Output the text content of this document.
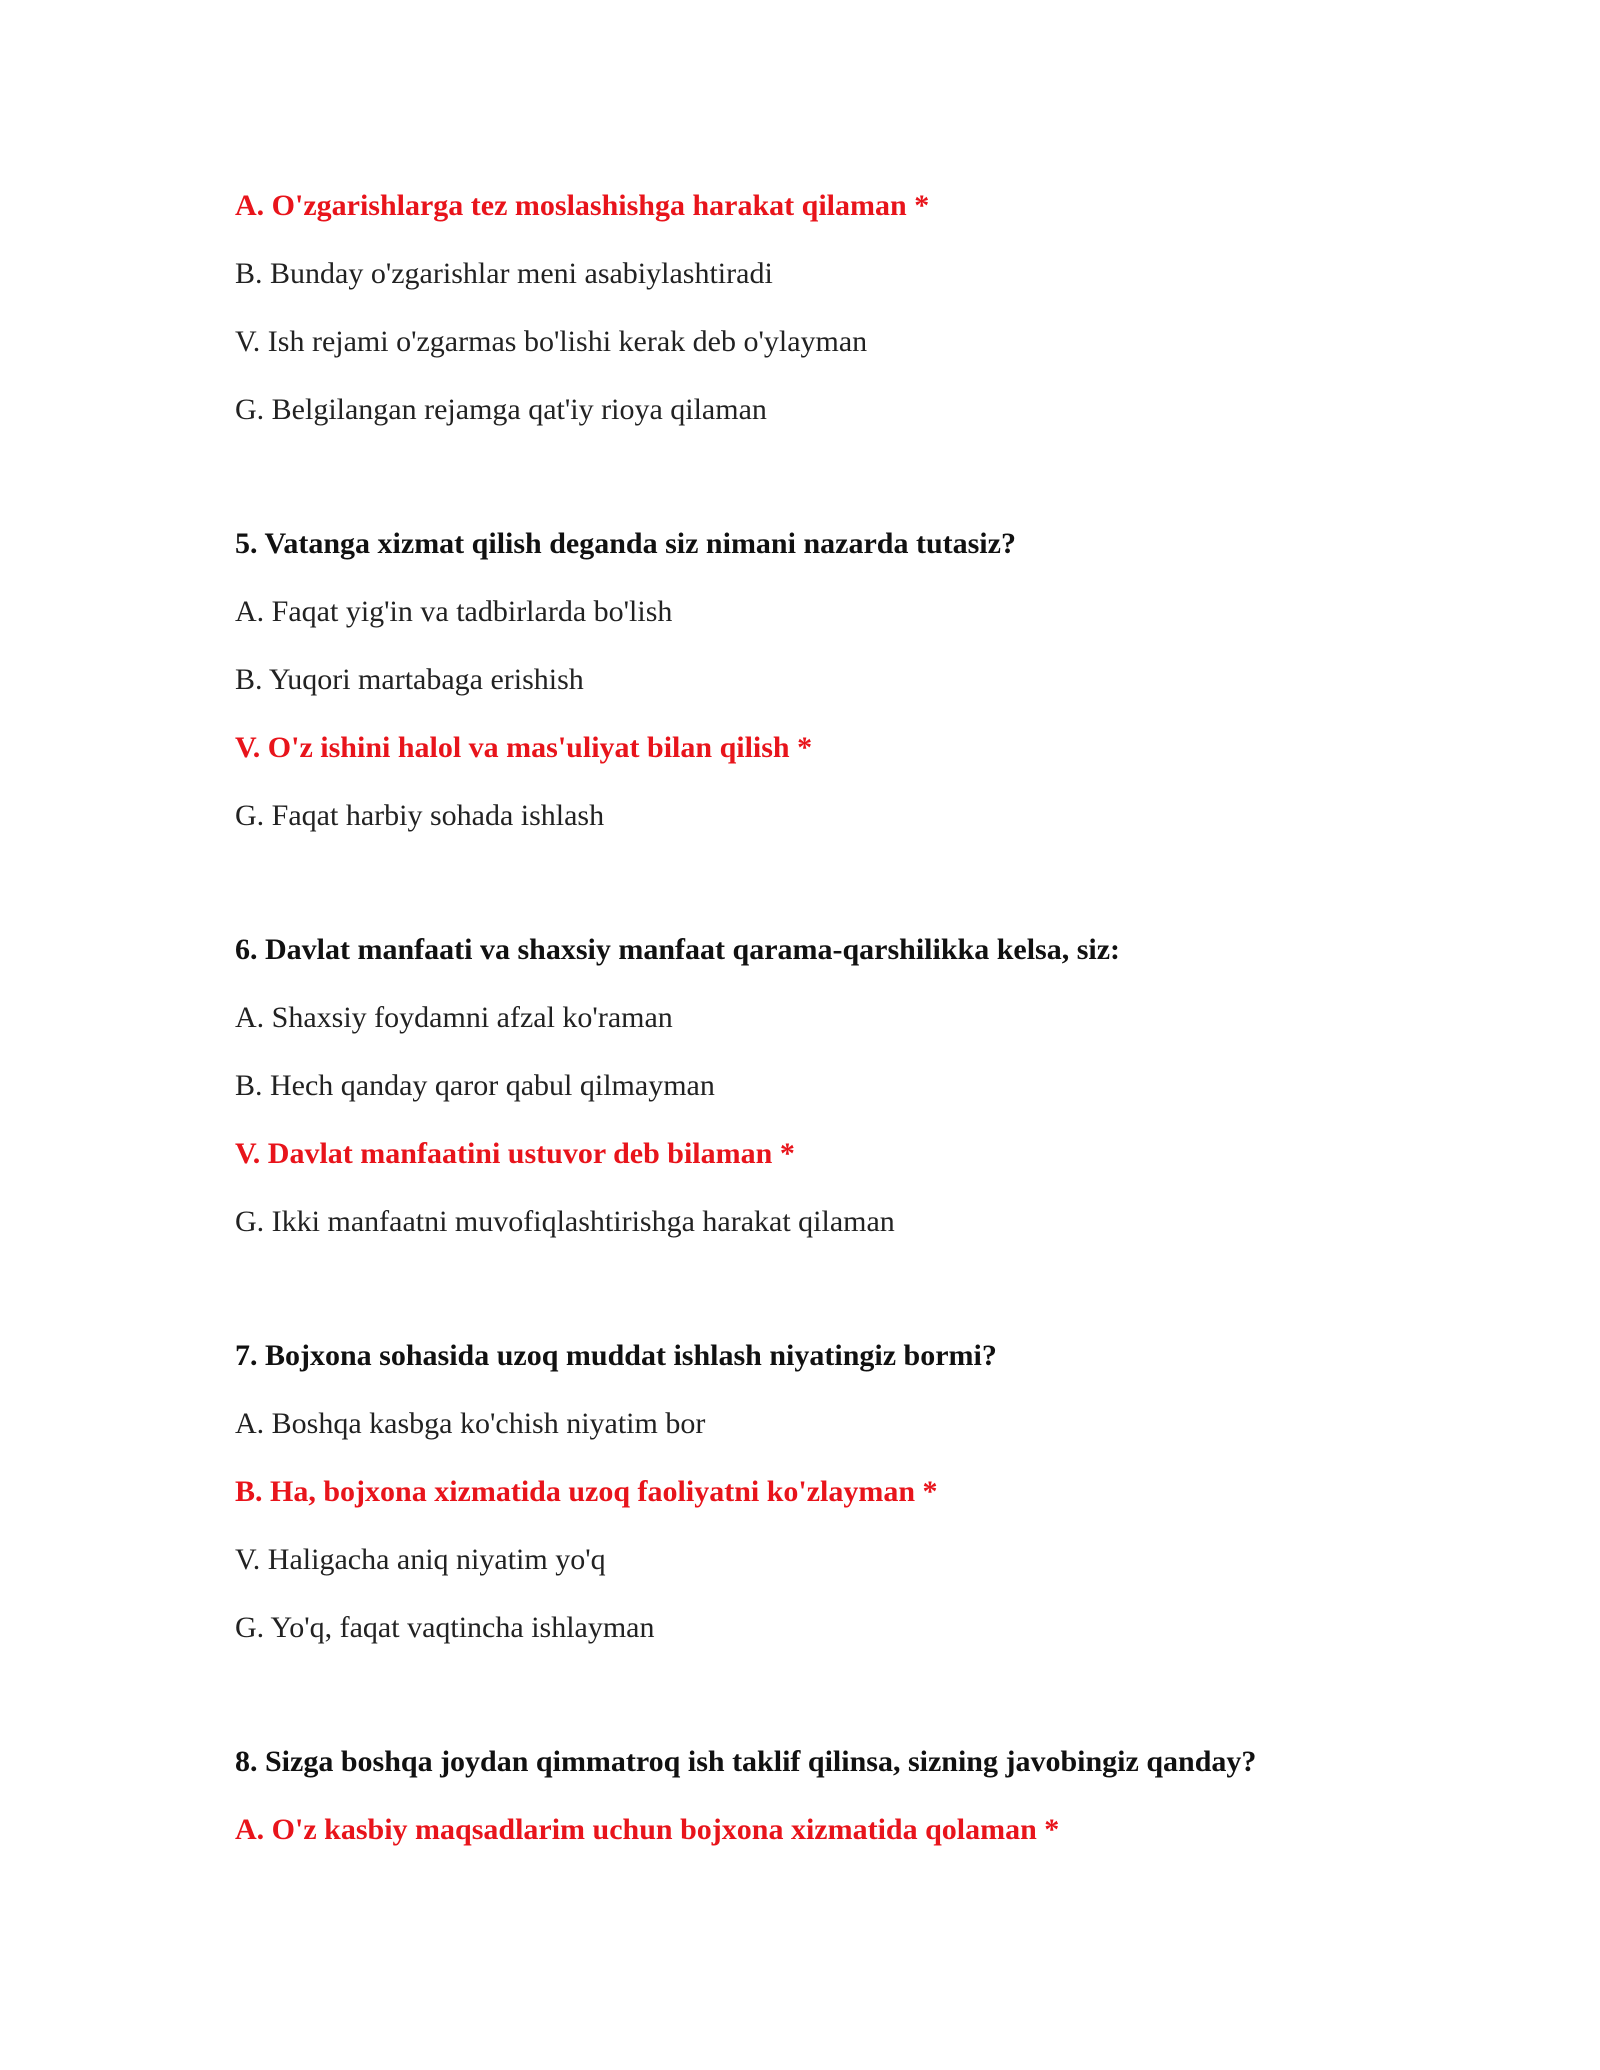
A. O'zgarishlarga tez moslashishga harakat qilaman *
B. Bunday o'zgarishlar meni asabiylashtiradi
V. Ish rejami o'zgarmas bo'lishi kerak deb o'ylayman
G. Belgilangan rejamga qat'iy rioya qilaman
5. Vatanga xizmat qilish deganda siz nimani nazarda tutasiz?
A. Faqat yig'in va tadbirlarda bo'lish
B. Yuqori martabaga erishish
V. O'z ishini halol va mas'uliyat bilan qilish *
G. Faqat harbiy sohada ishlash
6. Davlat manfaati va shaxsiy manfaat qarama-qarshilikka kelsa, siz:
A. Shaxsiy foydamni afzal ko'raman
B. Hech qanday qaror qabul qilmayman
V. Davlat manfaatini ustuvor deb bilaman *
G. Ikki manfaatni muvofiqlashtirishga harakat qilaman
7. Bojxona sohasida uzoq muddat ishlash niyatingiz bormi?
A. Boshqa kasbga ko'chish niyatim bor
B. Ha, bojxona xizmatida uzoq faoliyatni ko'zlayman *
V. Haligacha aniq niyatim yo'q
G. Yo'q, faqat vaqtincha ishlayman
8. Sizga boshqa joydan qimmatroq ish taklif qilinsa, sizning javobingiz qanday?
A. O'z kasbiy maqsadlarim uchun bojxona xizmatida qolaman *
